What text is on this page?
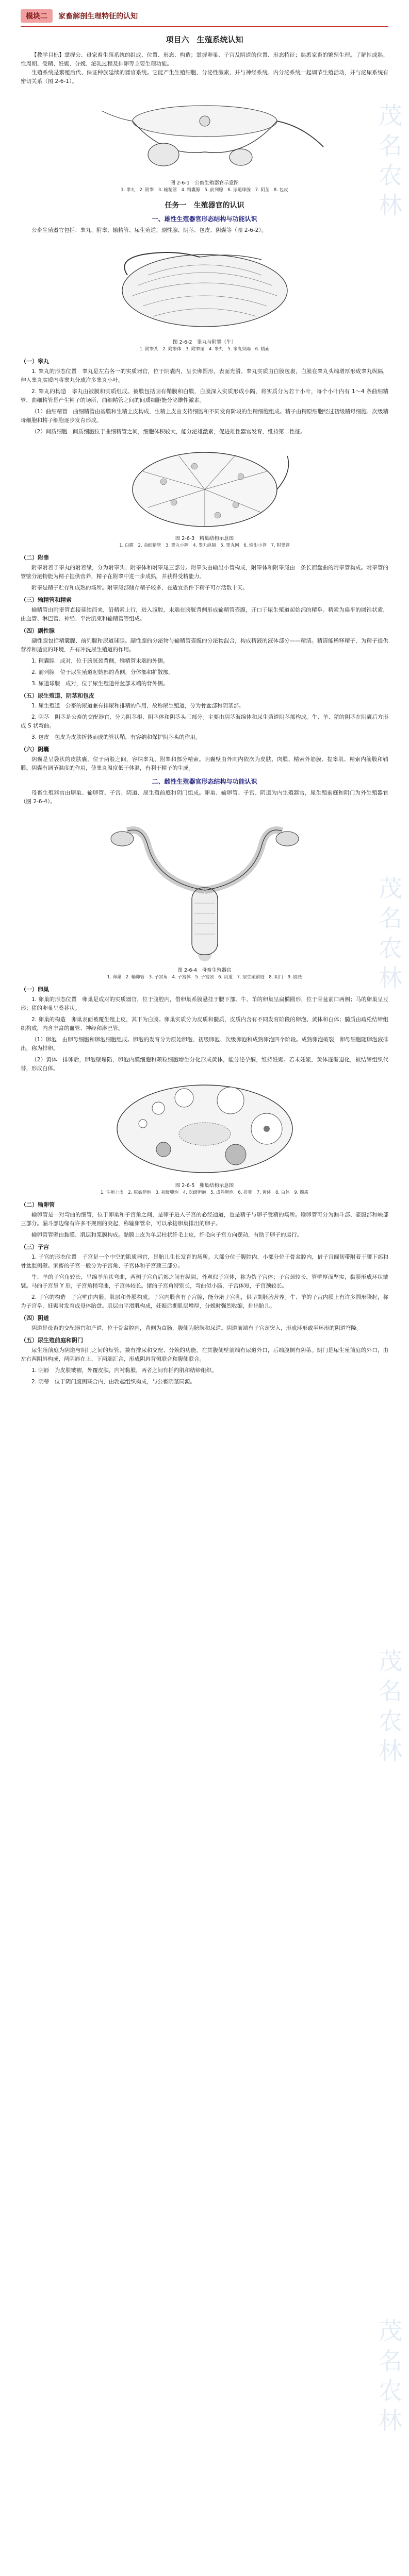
茂名农林
茂名农林
茂名农林
茂名农林
模块二 家畜解剖生理特征的认知
项目六　生殖系统认知

【教学目标】掌握公、母家畜生殖系统的组成、位置、形态、构造；掌握卵巢、子宫及阴道的位置、形态特征；熟悉家畜的繁殖生理。了解性成熟、性周期、受精、妊娠、分娩、泌乳过程及排卵等主要生理功能。
　　生殖系统是繁殖后代、保证种族延续的器官系统。它能产生生殖细胞，分泌性激素，并与神经系统、内分泌系统一起调节生殖活动，并与泌尿系统有密切关系（图 2-6-1）。

图 2-6-1　公畜生殖器官示意图
1. 睾丸　2. 附睾　3. 输精管　4. 精囊腺　5. 前列腺　6. 尿道球腺　7. 阴茎　8. 包皮
任务一　生殖器官的认识
一、雄性生殖器官形态结构与功能认识

公畜生殖器官包括：睾丸、附睾、输精管、尿生殖道、副性腺、阴茎、包皮、阴囊等（图 2-6-2）。

图 2-6-2　睾丸与附睾（牛）
1. 附睾头　2. 附睾体　3. 附睾尾　4. 睾丸　5. 睾丸纵隔　6. 精索
（一）睾丸

1. 睾丸的形态位置　睾丸是左右各一的实质器官，位于阴囊内，呈长卵圆形，表面光滑。睾丸实质由白膜包裹，白膜在睾丸头端增厚形成睾丸纵隔，伸入睾丸实质内将睾丸分成许多睾丸小叶。

2. 睾丸的构造　睾丸由被膜和实质组成。被膜包括固有鞘膜和白膜，白膜深入实质形成小隔，将实质分为若干小叶，每个小叶内有 1～4 条曲细精管，曲细精管是产生精子的场所，曲细精管之间的间质细胞能分泌雄性激素。

（1）曲细精管　曲细精管由基膜和生精上皮构成，生精上皮由支持细胞和不同发育阶段的生精细胞组成。精子由精原细胞经过初级精母细胞、次级精母细胞和精子细胞逐步发育形成。

（2）间质细胞　间质细胞位于曲细精管之间，细胞体积较大，能分泌雄激素，促进雄性器官发育，维持第二性征。

图 2-6-3　精巢结构示意图
1. 白膜　2. 曲细精管　3. 睾丸小隔　4. 睾丸纵隔　5. 睾丸网　6. 输出小管　7. 附睾管
（二）附睾

附睾附着于睾丸的附着缘，分为附睾头、附睾体和附睾尾三部分。附睾头由输出小管构成，附睾体和附睾尾由一条长而盘曲的附睾管构成。附睾管的管壁分泌物能为精子提供营养，精子在附睾中进一步成熟，并获得受精能力。

附睾是精子贮存和成熟的场所。附睾尾部储存精子较多，在适宜条件下精子可存活数十天。

（三）输精管和精索

输精管由附睾管直接延续而来，沿精索上行，进入腹腔，末端在膀胱背侧形成输精管壶腹，开口于尿生殖道起始部的精阜。精索为扁平的圆锥状索，由血管、淋巴管、神经、平滑肌束和输精管等组成。

（四）副性腺

副性腺包括精囊腺、前列腺和尿道球腺。副性腺的分泌物与输精管壶腹的分泌物混合，构成精液的液体部分——精清。精清能稀释精子，为精子提供营养和适宜的环境，并有冲洗尿生殖道的作用。

1. 精囊腺　成对，位于膀胱颈背侧，输精管末端的外侧。

2. 前列腺　位于尿生殖道起始部的背侧，分体部和扩散部。

3. 尿道球腺　成对，位于尿生殖道骨盆部末端的背外侧。

（五）尿生殖道、阴茎和包皮

1. 尿生殖道　公畜的尿道兼有排尿和排精的作用，故称尿生殖道，分为骨盆部和阴茎部。

2. 阴茎　阴茎是公畜的交配器官，分为阴茎根、阴茎体和阴茎头三部分。主要由阴茎海绵体和尿生殖道阴茎部构成。牛、羊、猪的阴茎在阴囊后方形成 S 状弯曲。

3. 包皮　包皮为皮肤折转而成的管状鞘，有容纳和保护阴茎头的作用。

（六）阴囊

阴囊是呈袋状的皮肤囊，位于两股之间，容纳睾丸、附睾和部分精索。阴囊壁由外向内依次为皮肤、肉膜、精索外筋膜、提睾肌、精索内筋膜和鞘膜。阴囊有调节温度的作用，使睾丸温度低于体温，有利于精子的生成。

二、雌性生殖器官形态结构与功能认识

母畜生殖器官由卵巢、输卵管、子宫、阴道、尿生殖前庭和阴门组成。卵巢、输卵管、子宫、阴道为内生殖器官，尿生殖前庭和阴门为外生殖器官（图 2-6-4）。

图 2-6-4　母畜生殖器官
1. 卵巢　2. 输卵管　3. 子宫角　4. 子宫体　5. 子宫颈　6. 阴道　7. 尿生殖前庭　8. 阴门　9. 膀胱
（一）卵巢

1. 卵巢的形态位置　卵巢是成对的实质器官，位于腹腔内，借卵巢系膜悬挂于腰下部。牛、羊的卵巢呈扁椭圆形，位于骨盆前口两侧；马的卵巢呈豆形；猪的卵巢呈桑葚状。

2. 卵巢的构造　卵巢表面被覆生殖上皮，其下为白膜。卵巢实质分为皮质和髓质，皮质内含有不同发育阶段的卵泡、黄体和白体；髓质由疏松结缔组织构成，内含丰富的血管、神经和淋巴管。

（1）卵泡　由卵母细胞和卵泡细胞组成。卵泡的发育分为原始卵泡、初级卵泡、次级卵泡和成熟卵泡四个阶段。成熟卵泡破裂，卵母细胞随卵泡液排出，称为排卵。

（2）黄体　排卵后，卵泡壁塌陷，卵泡内膜细胞和颗粒细胞增生分化形成黄体，能分泌孕酮，维持妊娠。若未妊娠，黄体逐渐退化，被结缔组织代替，形成白体。

图 2-6-5　卵巢结构示意图
1. 生殖上皮　2. 原始卵泡　3. 初级卵泡　4. 次级卵泡　5. 成熟卵泡　6. 排卵　7. 黄体　8. 白体　9. 髓质
（二）输卵管

输卵管是一对弯曲的细管，位于卵巢和子宫角之间，是卵子进入子宫的必经通道，也是精子与卵子受精的场所。输卵管可分为漏斗部、壶腹部和峡部三部分。漏斗部边缘有许多不规则的突起，称输卵管伞，可以承接卵巢排出的卵子。

输卵管管壁由黏膜、肌层和浆膜构成。黏膜上皮为单层柱状纤毛上皮，纤毛向子宫方向摆动，有助于卵子的运行。

（三）子宫

1. 子宫的形态位置　子宫是一个中空的肌质器官，是胎儿生长发育的场所。大部分位于腹腔内，小部分位于骨盆腔内，借子宫阔韧带附着于腰下部和骨盆腔侧壁。家畜的子宫一般分为子宫角、子宫体和子宫颈三部分。

牛、羊的子宫角较长，呈绵羊角状弯曲，两侧子宫角后部之间有纵隔，外观似子宫体，称为伪子宫体；子宫颈较长，管壁厚而坚实，黏膜形成环状皱襞。马的子宫呈 Y 形，子宫角稍弯曲，子宫体较长。猪的子宫角特别长，弯曲似小肠，子宫体短，子宫颈较长。

2. 子宫的构造　子宫壁由内膜、肌层和外膜构成。子宫内膜含有子宫腺，能分泌子宫乳，供早期胚胎营养。牛、羊的子宫内膜上有许多圆形隆起，称为子宫阜，妊娠时发育成母体胎盘。肌层由平滑肌构成，妊娠后期肌层增厚，分娩时强烈收缩，排出胎儿。

（四）阴道

阴道是母畜的交配器官和产道，位于骨盆腔内，背侧为直肠，腹侧为膀胱和尿道。阴道前端有子宫颈突入，形成环形或半环形的阴道穹隆。

（五）尿生殖前庭和阴门

尿生殖前庭为阴道与阴门之间的短管，兼有排尿和交配、分娩的功能。在其腹侧壁前端有尿道外口，后端腹侧有阴蒂。阴门是尿生殖前庭的外口，由左右两阴唇构成，两阴唇在上、下两端汇合，形成阴唇背侧联合和腹侧联合。

1. 阴唇　为皮肤皱褶，外覆皮肤，内衬黏膜，两者之间有括约肌和结缔组织。

2. 阴蒂　位于阴门腹侧联合内，由勃起组织构成，与公畜阴茎同源。
